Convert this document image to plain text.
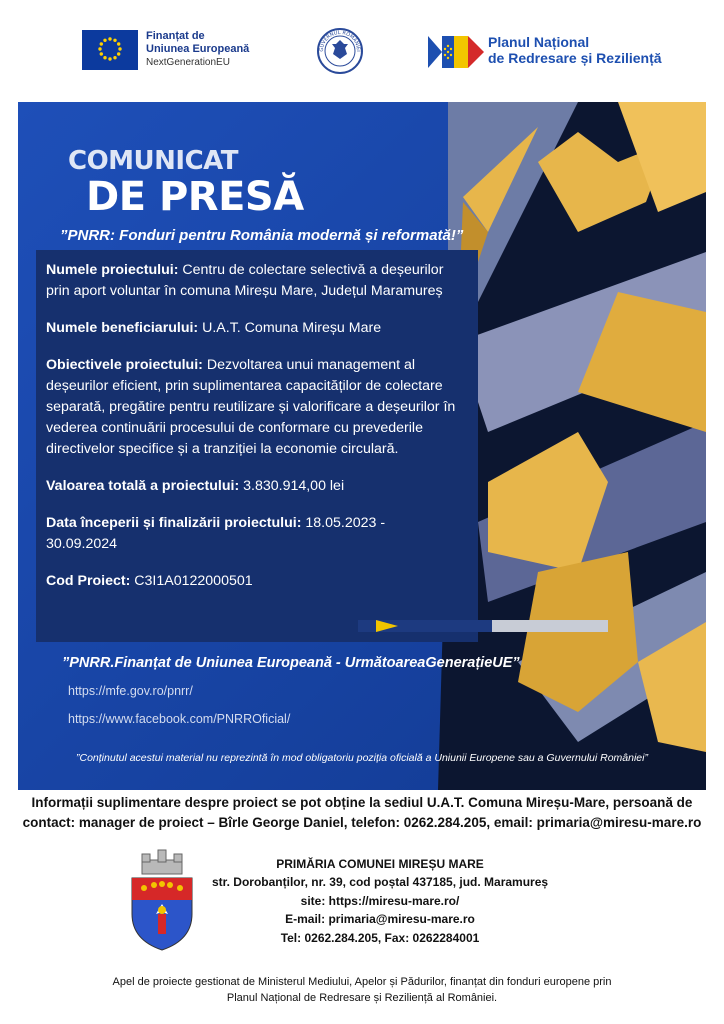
Finanțat de
Uniunea Europeană
NextGenerationEU
GUVERNUL ROMÂNIEI
Planul Național
de Redresare și Reziliență
COMUNICAT
DE PRESĂ
”PNRR: Fonduri pentru România modernă și reformată!”

Numele proiectului: Centru de colectare selectivă a deșeurilor prin aport voluntar în comuna Mireșu Mare, Județul Maramureș

Numele beneficiarului: U.A.T. Comuna Mireșu Mare

Obiectivele proiectului: Dezvoltarea unui management al deșeurilor eficient, prin suplimentarea capacităților de colectare separată, pregătire pentru reutilizare și valorificare a deșeurilor în vederea continuării procesului de conformare cu prevederile directivelor specifice și a tranziției la economie circulară.

Valoarea totală a proiectului: 3.830.914,00 lei

Data începerii și finalizării proiectului: 18.05.2023 - 30.09.2024

Cod Proiect: C3I1A0122000501

”PNRR.Finanțat de Uniunea Europeană - UrmătoareaGenerațieUE”
https://mfe.gov.ro/pnrr/
https://www.facebook.com/PNRROficial/
”Conținutul acestui material nu reprezintă în mod obligatoriu poziția oficială a Uniunii Europene sau a Guvernului României”
Informații suplimentare despre proiect se pot obține la sediul U.A.T. Comuna Mireșu-Mare, persoană de contact: manager de proiect – Bîrle George Daniel, telefon: 0262.284.205, email: primaria@miresu-mare.ro
PRIMĂRIA COMUNEI MIREȘU MARE
str. Dorobanților, nr. 39, cod poștal 437185, jud. Maramureș
site: https://miresu-mare.ro/
E-mail: primaria@miresu-mare.ro
Tel: 0262.284.205, Fax: 0262284001
Apel de proiecte gestionat de Ministerul Mediului, Apelor și Pădurilor, finanțat din fonduri europene prin
Planul Național de Redresare și Reziliență al României.
